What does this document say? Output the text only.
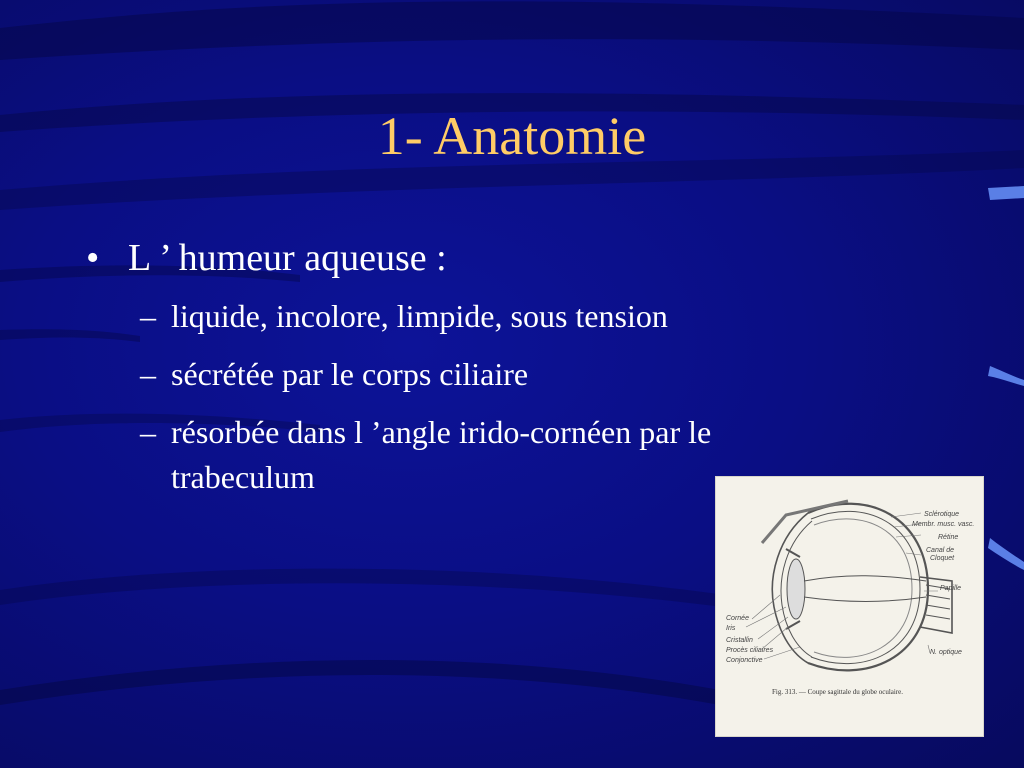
1- Anatomie
• L ’ humeur aqueuse :
– liquide, incolore, limpide, sous tension
– sécrétée par le corps ciliaire
– résorbée dans l ’angle irido-cornéen par le trabeculum
Sclérotique
Membr. musc. vasc.
Rétine
Canal de
Cloquet
Papille
Cornée
Iris
Cristallin
Procès ciliaires
Conjonctive
N. optique
Fig. 313. — Coupe sagittale du globe oculaire.
